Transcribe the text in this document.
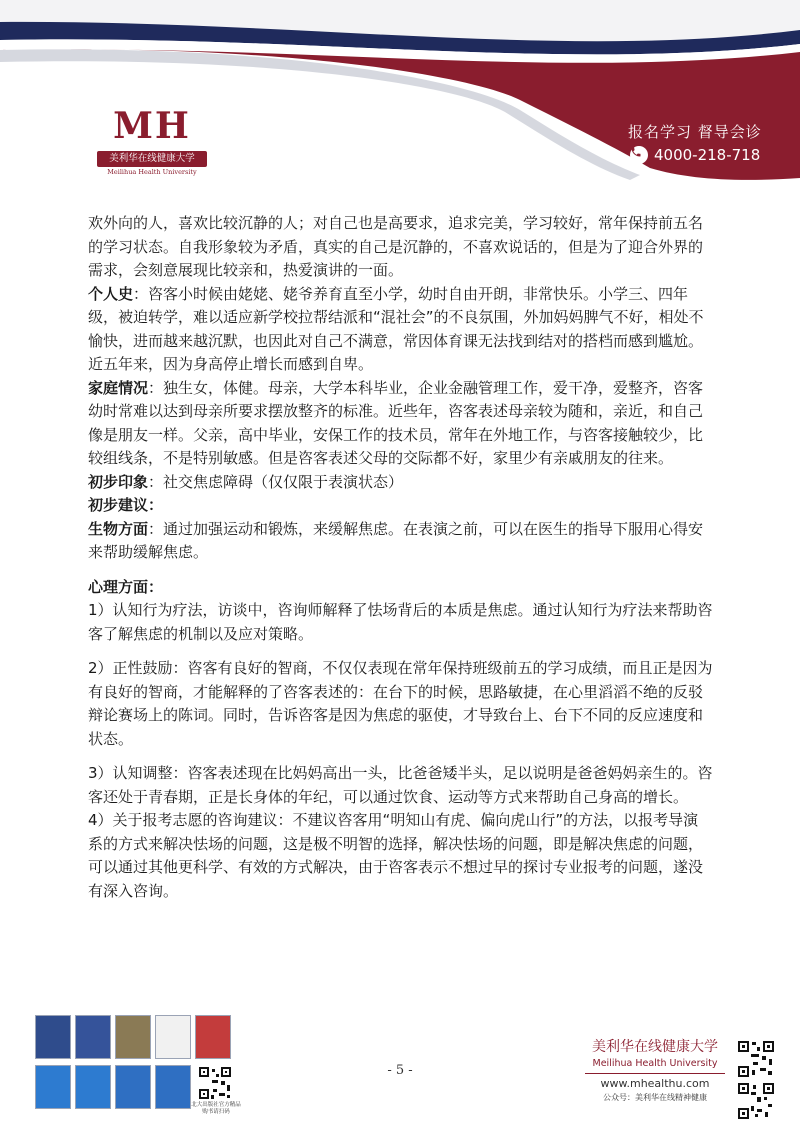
MH
美利华在线健康大学
Meilihua Health University
报名学习 督导会诊
4000-218-718

欢外向的人，喜欢比较沉静的人；对自己也是高要求，追求完美，学习较好，常年保持前五名的学习状态。自我形象较为矛盾，真实的自己是沉静的，不喜欢说话的，但是为了迎合外界的需求，会刻意展现比较亲和，热爱演讲的一面。

个人史：咨客小时候由姥姥、姥爷养育直至小学，幼时自由开朗，非常快乐。小学三、四年级，被迫转学，难以适应新学校拉帮结派和“混社会”的不良氛围，外加妈妈脾气不好，相处不愉快，进而越来越沉默，也因此对自己不满意，常因体育课无法找到结对的搭档而感到尴尬。近五年来，因为身高停止增长而感到自卑。

家庭情况：独生女，体健。母亲，大学本科毕业，企业金融管理工作，爱干净，爱整齐，咨客幼时常难以达到母亲所要求摆放整齐的标准。近些年，咨客表述母亲较为随和，亲近，和自己像是朋友一样。父亲，高中毕业，安保工作的技术员，常年在外地工作，与咨客接触较少，比较组线条，不是特别敏感。但是咨客表述父母的交际都不好，家里少有亲戚朋友的往来。

初步印象：社交焦虑障碍（仅仅限于表演状态）

初步建议：

生物方面：通过加强运动和锻炼，来缓解焦虑。在表演之前，可以在医生的指导下服用心得安来帮助缓解焦虑。

心理方面：

1）认知行为疗法，访谈中，咨询师解释了怯场背后的本质是焦虑。通过认知行为疗法来帮助咨客了解焦虑的机制以及应对策略。

2）正性鼓励：咨客有良好的智商，不仅仅表现在常年保持班级前五的学习成绩，而且正是因为有良好的智商，才能解释的了咨客表述的：在台下的时候，思路敏捷，在心里滔滔不绝的反驳辩论赛场上的陈词。同时，告诉咨客是因为焦虑的驱使，才导致台上、台下不同的反应速度和状态。

3）认知调整：咨客表述现在比妈妈高出一头，比爸爸矮半头，足以说明是爸爸妈妈亲生的。咨客还处于青春期，正是长身体的年纪，可以通过饮食、运动等方式来帮助自己身高的增长。

4）关于报考志愿的咨询建议：不建议咨客用“明知山有虎、偏向虎山行”的方法，以报考导演系的方式来解决怯场的问题，这是极不明智的选择，解决怯场的问题，即是解决焦虑的问题，可以通过其他更科学、有效的方式解决，由于咨客表示不想过早的探讨专业报考的问题，遂没有深入咨询。

北大出版社官方精品 购书请扫码
- 5 -
美利华在线健康大学
Meilihua Health University
www.mhealthu.com
公众号：美利华在线精神健康
